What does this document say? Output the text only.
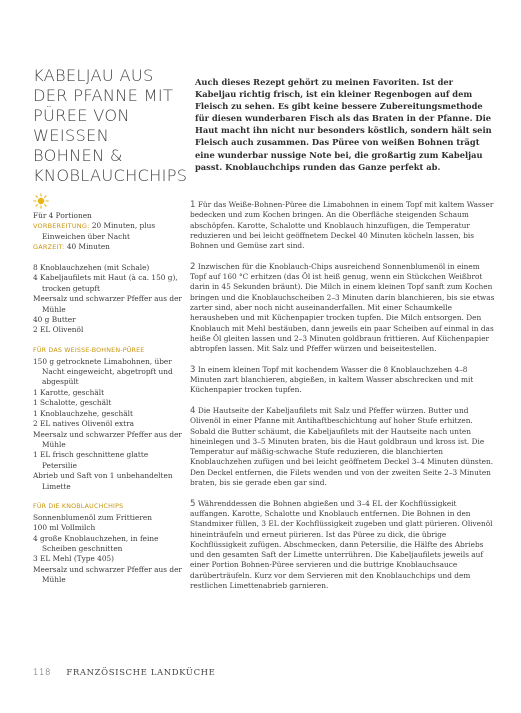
KABELJAU AUS DER PFANNE MIT PÜREE VON WEISSEN BOHNEN & KNOBLAUCHCHIPS

Auch dieses Rezept gehört zu meinen Favoriten. Ist der Kabeljau richtig frisch, ist ein kleiner Regenbogen auf dem Fleisch zu sehen. Es gibt keine bessere Zubereitungsmethode für diesen wunderbaren Fisch als das Braten in der Pfanne. Die Haut macht ihn nicht nur besonders köstlich, sondern hält sein Fleisch auch zusammen. Das Püree von weißen Bohnen trägt eine wunderbar nussige Note bei, die großartig zum Kabeljau passt. Knoblauchchips runden das Ganze perfekt ab.

Für 4 Portionen

VORBEREITUNG: 20 Minuten, plus Einweichen über Nacht

GARZEIT: 40 Minuten

8 Knoblauchzehen (mit Schale)

4 Kabeljaufilets mit Haut (à ca. 150 g), trocken getupft

Meersalz und schwarzer Pfeffer aus der Mühle

40 g Butter

2 EL Olivenöl

FÜR DAS WEISSE-BOHNEN-PÜREE

150 g getrocknete Limabohnen, über Nacht eingeweicht, abgetropft und abgespült

1 Karotte, geschält

1 Schalotte, geschält

1 Knoblauchzehe, geschält

2 EL natives Olivenöl extra

Meersalz und schwarzer Pfeffer aus der Mühle

1 EL frisch geschnittene glatte Petersilie

Abrieb und Saft von 1 unbehandelten Limette

FÜR DIE KNOBLAUCHCHIPS

Sonnenblumenöl zum Frittieren

100 ml Vollmilch

4 große Knoblauchzehen, in feine Scheiben geschnitten

3 EL Mehl (Type 405)

Meersalz und schwarzer Pfeffer aus der Mühle

1 Für das Weiße-Bohnen-Püree die Limabohnen in einem Topf mit kaltem Wasser bedecken und zum Kochen bringen. An die Oberfläche steigenden Schaum abschöpfen. Karotte, Schalotte und Knoblauch hinzufügen, die Temperatur reduzieren und bei leicht geöffnetem Deckel 40 Minuten köcheln lassen, bis Bohnen und Gemüse zart sind.

2 Inzwischen für die Knoblauch-Chips ausreichend Sonnenblumenöl in einem Topf auf 160 °C erhitzen (das Öl ist heiß genug, wenn ein Stückchen Weißbrot darin in 45 Sekunden bräunt). Die Milch in einem kleinen Topf sanft zum Kochen bringen und die Knoblauchscheiben 2–3 Minuten darin blanchieren, bis sie etwas zarter sind, aber noch nicht auseinanderfallen. Mit einer Schaumkelle herausheben und mit Küchenpapier trocken tupfen. Die Milch entsorgen. Den Knoblauch mit Mehl bestäuben, dann jeweils ein paar Scheiben auf einmal in das heiße Öl gleiten lassen und 2–3 Minuten goldbraun frittieren. Auf Küchenpapier abtropfen lassen. Mit Salz und Pfeffer würzen und beiseitestellen.

3 In einem kleinen Topf mit kochendem Wasser die 8 Knoblauchzehen 4–8 Minuten zart blanchieren, abgießen, in kaltem Wasser abschrecken und mit Küchenpapier trocken tupfen.

4 Die Hautseite der Kabeljaufilets mit Salz und Pfeffer würzen. Butter und Olivenöl in einer Pfanne mit Antihaftbeschichtung auf hoher Stufe erhitzen. Sobald die Butter schäumt, die Kabeljaufilets mit der Hautseite nach unten hineinlegen und 3–5 Minuten braten, bis die Haut goldbraun und kross ist. Die Temperatur auf mäßig-schwache Stufe reduzieren, die blanchierten Knoblauchzehen zufügen und bei leicht geöffnetem Deckel 3–4 Minuten dünsten. Den Deckel entfernen, die Filets wenden und von der zweiten Seite 2–3 Minuten braten, bis sie gerade eben gar sind.

5 Währenddessen die Bohnen abgießen und 3–4 EL der Kochflüssigkeit auffangen. Karotte, Schalotte und Knoblauch entfernen. Die Bohnen in den Standmixer füllen, 3 EL der Kochflüssigkeit zugeben und glatt pürieren. Olivenöl hineinträufeln und erneut pürieren. Ist das Püree zu dick, die übrige Kochflüssigkeit zufügen. Abschmecken, dann Petersilie, die Hälfte des Abriebs und den gesamten Saft der Limette unterrühren. Die Kabeljaufilets jeweils auf einer Portion Bohnen-Püree servieren und die buttrige Knoblauchsauce darüberträufeln. Kurz vor dem Servieren mit den Knoblauchchips und dem restlichen Limettenabrieb garnieren.

118 FRANZÖSISCHE LANDKÜCHE
